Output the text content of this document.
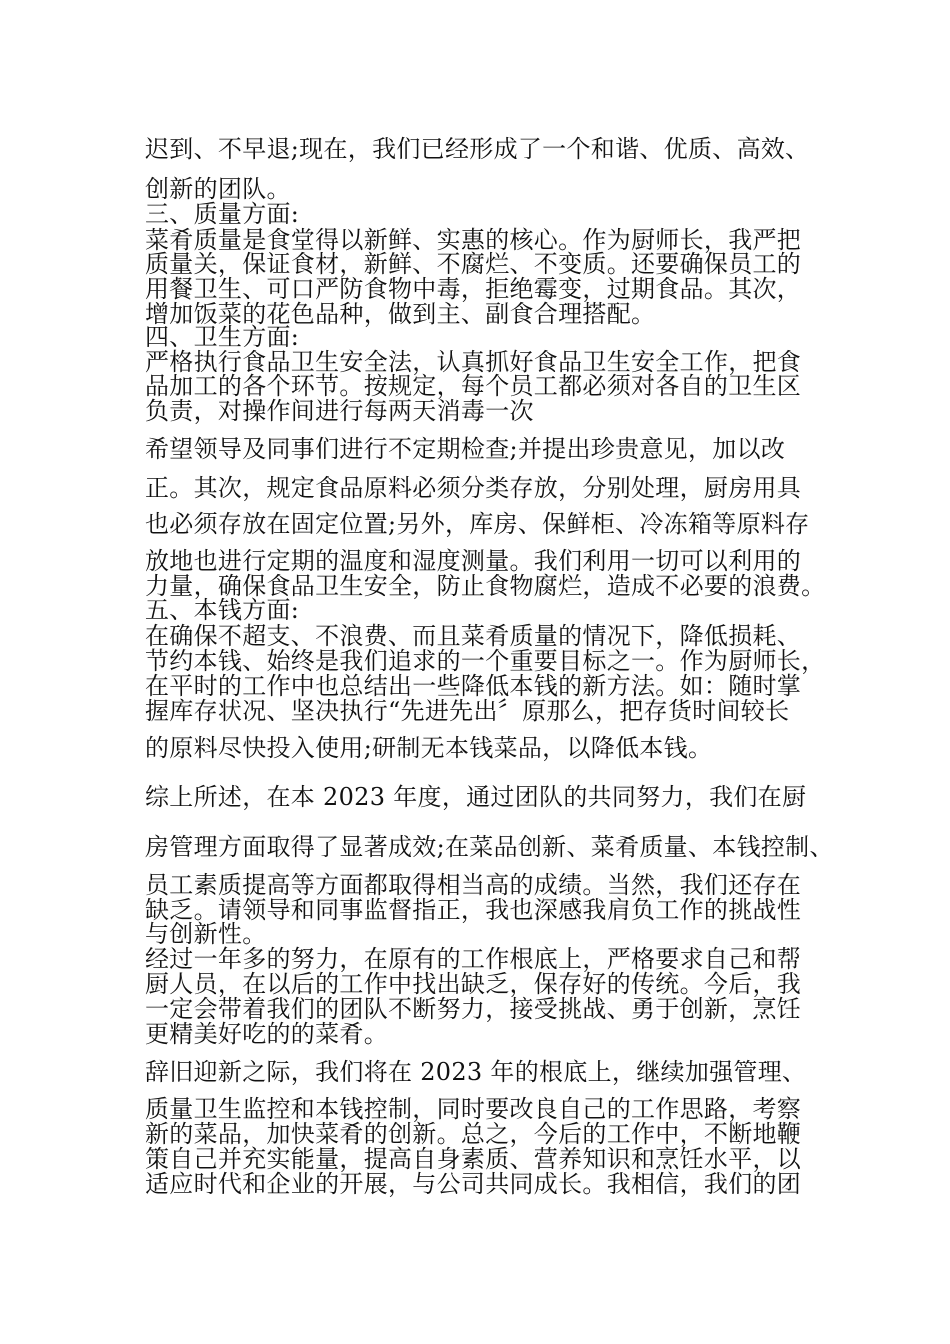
迟到、不早退;现在，我们已经形成了一个和谐、优质、高效、
创新的团队。
三、质量方面:
菜肴质量是食堂得以新鲜、实惠的核心。作为厨师长，我严把
质量关，保证食材，新鲜、不腐烂、不变质。还要确保员工的
用餐卫生、可口严防食物中毒，拒绝霉变，过期食品。其次，
增加饭菜的花色品种，做到主、副食合理搭配。
四、卫生方面:
严格执行食品卫生安全法，认真抓好食品卫生安全工作，把食
品加工的各个环节。按规定，每个员工都必须对各自的卫生区
负责，对操作间进行每两天消毒一次
希望领导及同事们进行不定期检查;并提出珍贵意见，加以改
正。其次，规定食品原料必须分类存放，分别处理，厨房用具
也必须存放在固定位置;另外，库房、保鲜柜、冷冻箱等原料存
放地也进行定期的温度和湿度测量。我们利用一切可以利用的
力量，确保食品卫生安全，防止食物腐烂，造成不必要的浪费。
五、本钱方面:
在确保不超支、不浪费、而且菜肴质量的情况下，降低损耗、
节约本钱、始终是我们追求的一个重要目标之一。作为厨师长，
在平时的工作中也总结出一些降低本钱的新方法。如：随时掌
握库存状况、坚决执行“先进先出〞原那么，把存货时间较长
的原料尽快投入使用;研制无本钱菜品，以降低本钱。
综上所述，在本 2023 年度，通过团队的共同努力，我们在厨
房管理方面取得了显著成效;在菜品创新、菜肴质量、本钱控制、
员工素质提高等方面都取得相当高的成绩。当然，我们还存在
缺乏。请领导和同事监督指正，我也深感我肩负工作的挑战性
与创新性。
经过一年多的努力，在原有的工作根底上，严格要求自己和帮
厨人员，在以后的工作中找出缺乏，保存好的传统。今后，我
一定会带着我们的团队不断努力，接受挑战、勇于创新，烹饪
更精美好吃的的菜肴。
辞旧迎新之际，我们将在 2023 年的根底上，继续加强管理、
质量卫生监控和本钱控制，同时要改良自己的工作思路，考察
新的菜品，加快菜肴的创新。总之，今后的工作中，不断地鞭
策自己并充实能量，提高自身素质、营养知识和烹饪水平，以
适应时代和企业的开展，与公司共同成长。我相信，我们的团
